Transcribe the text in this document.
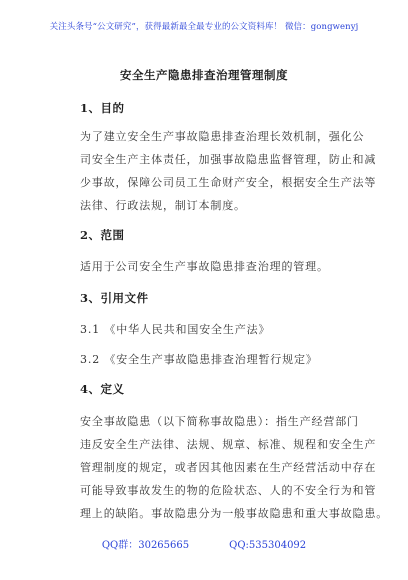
关注头条号“公文研究”，获得最新最全最专业的公文资料库！ 微信：gongwenyj
安全生产隐患排查治理管理制度
1、目的
为了建立安全生产事故隐患排查治理长效机制，强化公
司安全生产主体责任，加强事故隐患监督管理，防止和减
少事故，保障公司员工生命财产安全，根据安全生产法等
法律、行政法规，制订本制度。
2、范围
适用于公司安全生产事故隐患排查治理的管理。
3、引用文件
3.1 《中华人民共和国安全生产法》
3.2 《安全生产事故隐患排查治理暂行规定》
4、定义
安全事故隐患（以下简称事故隐患）：指生产经营部门
违反安全生产法律、法规、规章、标准、规程和安全生产
管理制度的规定，或者因其他因素在生产经营活动中存在
可能导致事故发生的物的危险状态、人的不安全行为和管
理上的缺陷。事故隐患分为一般事故隐患和重大事故隐患。
QQ群：30265665	QQ:535304092
